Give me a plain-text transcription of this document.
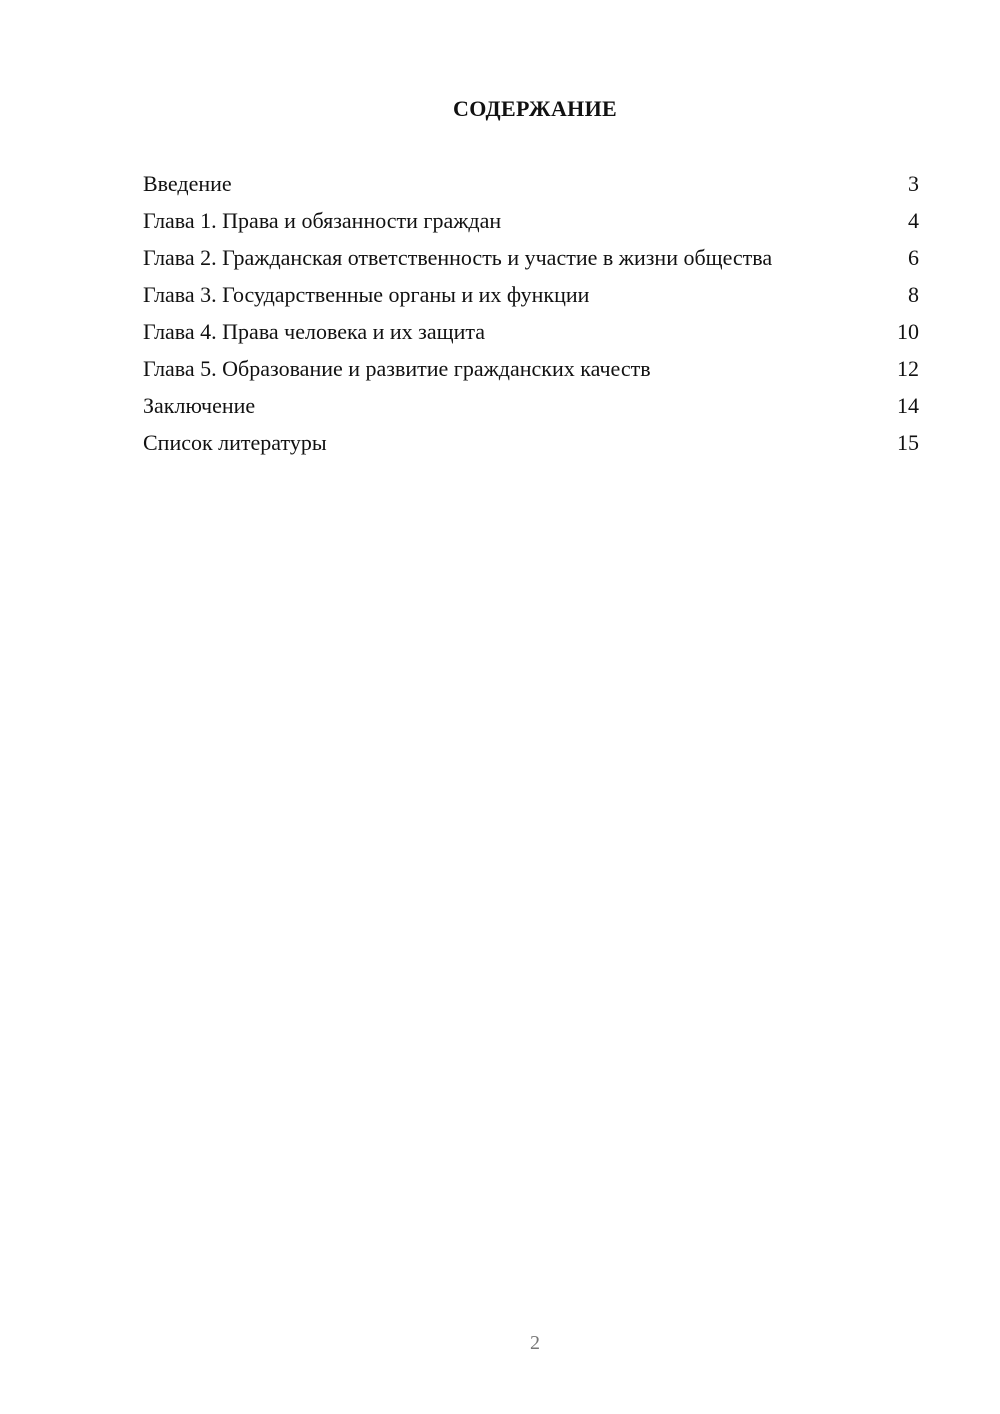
СОДЕРЖАНИЕ
Введение	3
Глава 1. Права и обязанности граждан	4
Глава 2. Гражданская ответственность и участие в жизни общества	6
Глава 3. Государственные органы и их функции	8
Глава 4. Права человека и их защита	10
Глава 5. Образование и развитие гражданских качеств	12
Заключение	14
Список литературы	15
2
